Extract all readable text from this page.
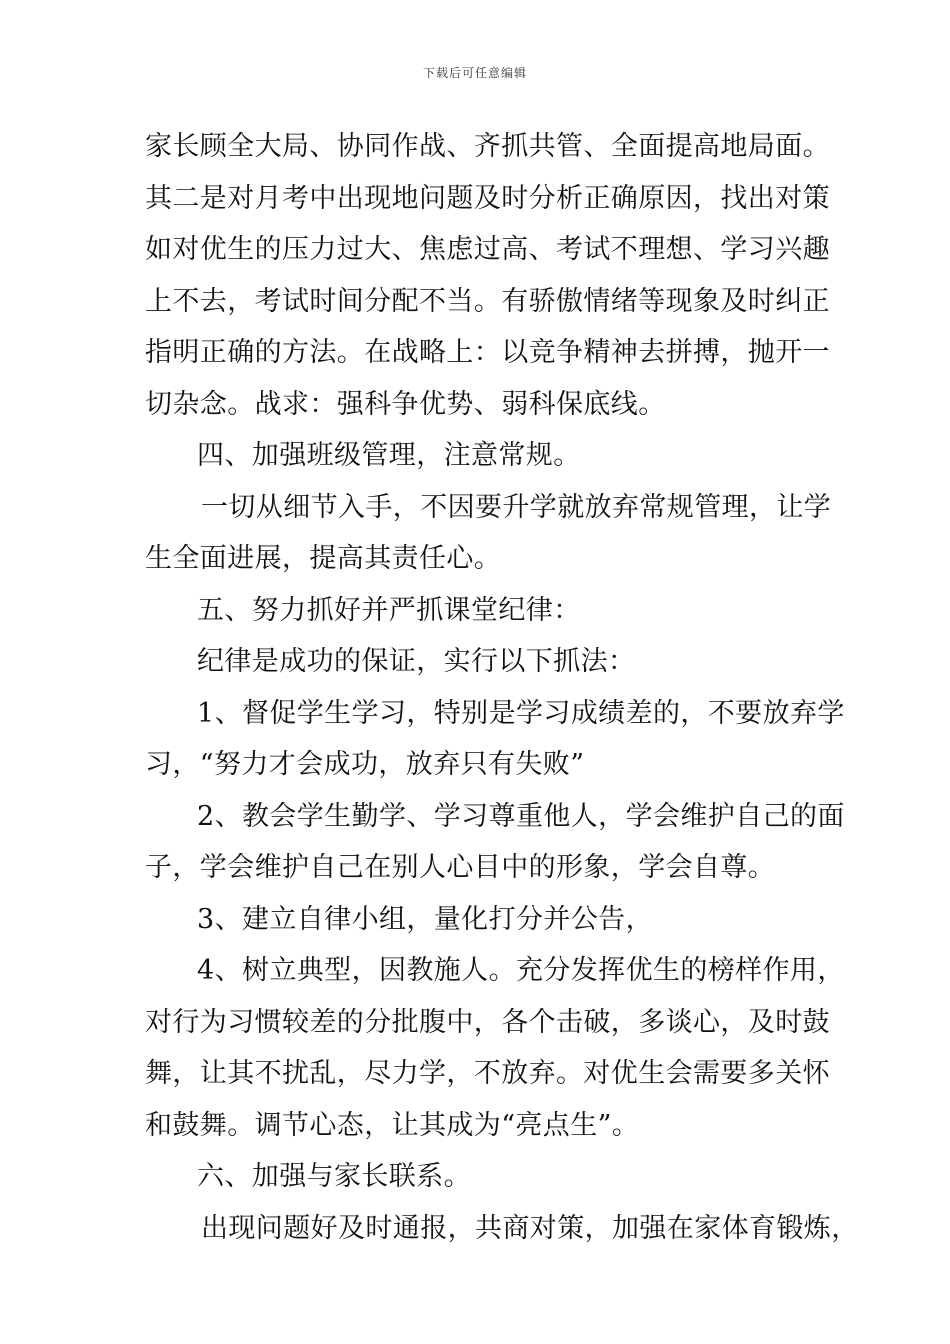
下载后可任意编辑
家长顾全大局、协同作战、齐抓共管、全面提高地局面。
其二是对月考中出现地问题及时分析正确原因，找出对策
如对优生的压力过大、焦虑过高、考试不理想、学习兴趣
上不去，考试时间分配不当。有骄傲情绪等现象及时纠正
指明正确的方法。在战略上：以竞争精神去拼搏，抛开一
切杂念。战求：强科争优势、弱科保底线。
四、加强班级管理，注意常规。
一切从细节入手，不因要升学就放弃常规管理，让学
生全面进展，提高其责任心。
五、努力抓好并严抓课堂纪律：
纪律是成功的保证，实行以下抓法：
1、督促学生学习，特别是学习成绩差的，不要放弃学
习，“努力才会成功，放弃只有失败”
2、教会学生勤学、学习尊重他人，学会维护自己的面
子，学会维护自己在别人心目中的形象，学会自尊。
3、建立自律小组，量化打分并公告，
4、树立典型，因教施人。充分发挥优生的榜样作用，
对行为习惯较差的分批腹中，各个击破，多谈心，及时鼓
舞，让其不扰乱，尽力学，不放弃。对优生会需要多关怀
和鼓舞。调节心态，让其成为“亮点生”。
六、加强与家长联系。
出现问题好及时通报，共商对策，加强在家体育锻炼，
